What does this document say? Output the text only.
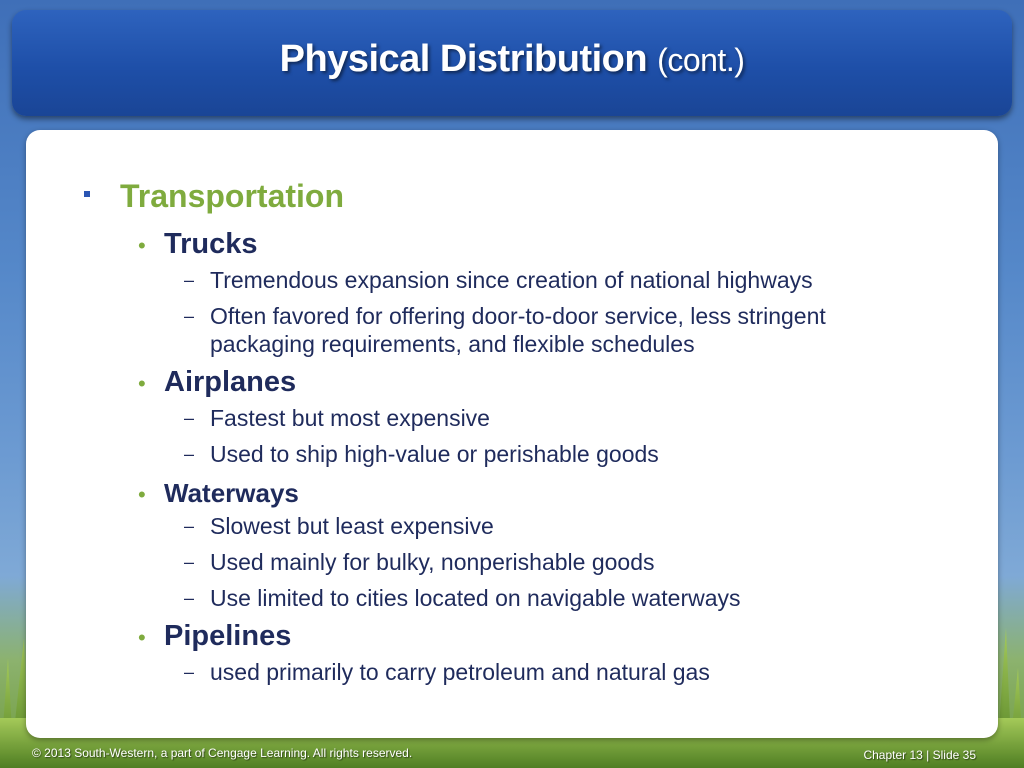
Physical Distribution (cont.)
Transportation
• Trucks
– Tremendous expansion since creation of national highways
– Often favored for offering door-to-door service, less stringent packaging requirements, and flexible schedules
• Airplanes
– Fastest but most expensive
– Used to ship high-value or perishable goods
• Waterways
– Slowest but least expensive
– Used mainly for bulky, nonperishable goods
– Use limited to cities located on navigable waterways
• Pipelines
– used primarily to carry petroleum and natural gas
© 2013 South-Western, a part of Cengage Learning. All rights reserved.	Chapter 13 | Slide 35
